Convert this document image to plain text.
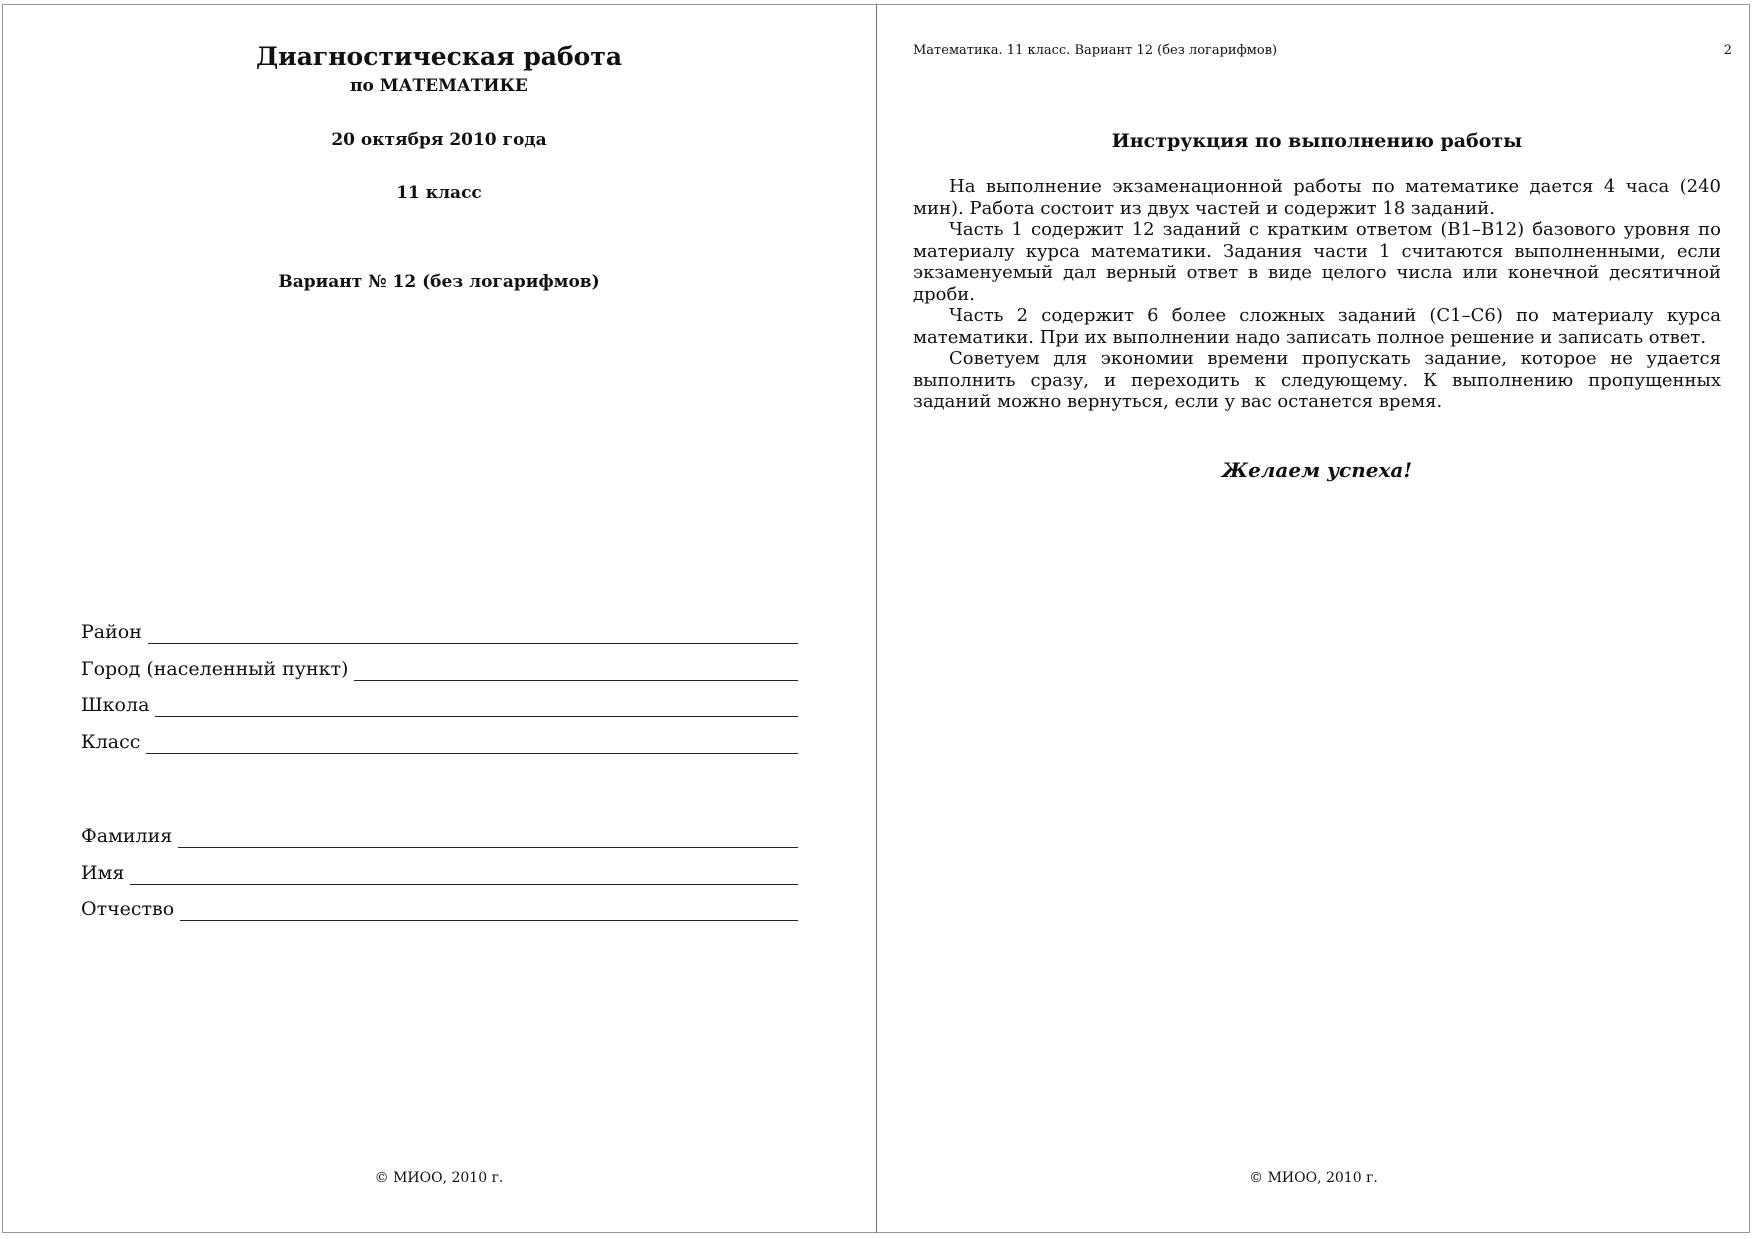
Диагностическая работа
по МАТЕМАТИКЕ
20 октября 2010 года
11 класс
Вариант № 12 (без логарифмов)
Район
Город (населенный пункт)
Школа
Класс
Фамилия
Имя
Отчество
© МИОО, 2010 г.
Математика. 11 класс. Вариант 12 (без логарифмов)	2
Инструкция по выполнению работы

На выполнение экзаменационной работы по математике дается 4 часа (240 мин). Работа состоит из двух частей и содержит 18 заданий.

Часть 1 содержит 12 заданий с кратким ответом (B1–B12) базового уровня по материалу курса математики. Задания части 1 считаются выполненными, если экзаменуемый дал верный ответ в виде целого числа или конечной десятичной дроби.

Часть 2 содержит 6 более сложных заданий (С1–С6) по материалу курса математики. При их выполнении надо записать полное решение и записать ответ.

Советуем для экономии времени пропускать задание, которое не удается выполнить сразу, и переходить к следующему. К выполнению пропущенных заданий можно вернуться, если у вас останется время.

Желаем успеха!
© МИОО, 2010 г.
